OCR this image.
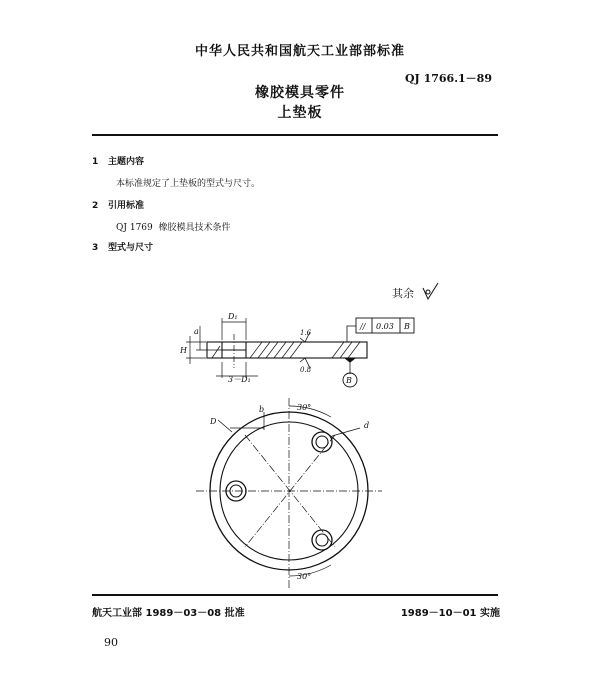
中华人民共和国航天工业部部标准
QJ 1766.1－89
橡胶模具零件
上垫板
1 主题内容
本标准规定了上垫板的型式与尺寸。
2 引用标准
QJ 1769 橡胶模具技术条件
3 型式与尺寸
其余
D₁
3－D₁
H
a	1.6
0.8
// 0.03 B
B
D	d
b	30°
30°
航天工业部 1989－03－08 批准	1989－10－01 实施
90
